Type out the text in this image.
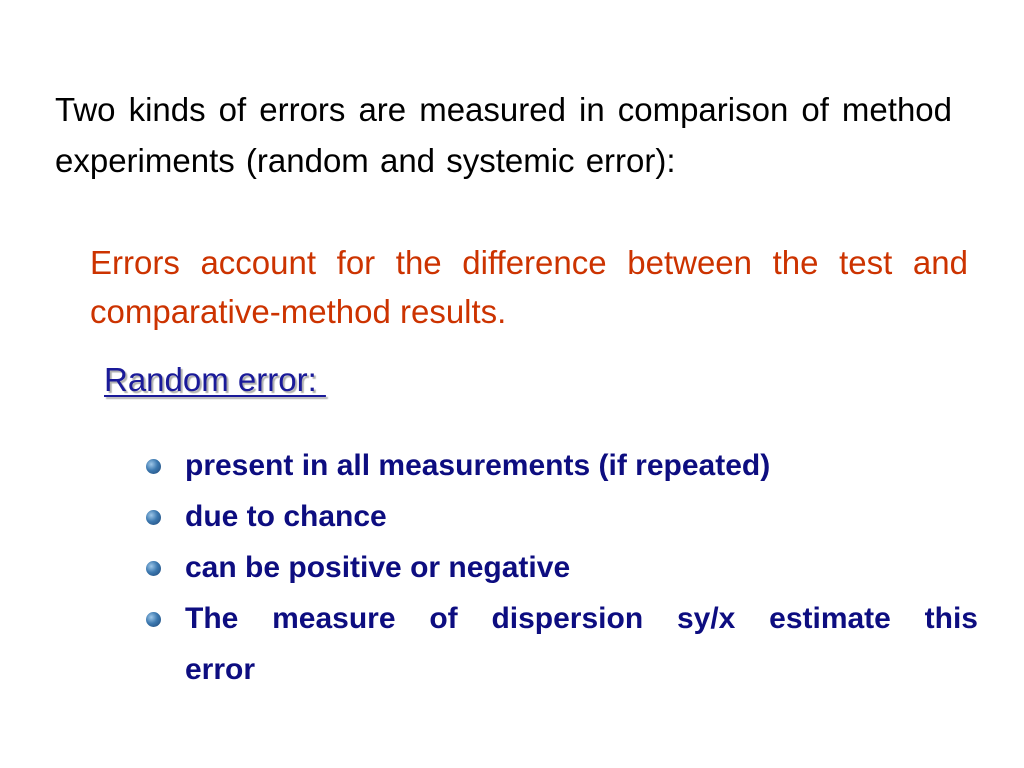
Two kinds of errors are measured in comparison of method experiments (random and systemic error):

Errors account for the difference between the test and comparative-method results.

Random error:
present in all measurements (if repeated)
due to chance
can be positive or negative
The measure of dispersion sy/x estimate this error
